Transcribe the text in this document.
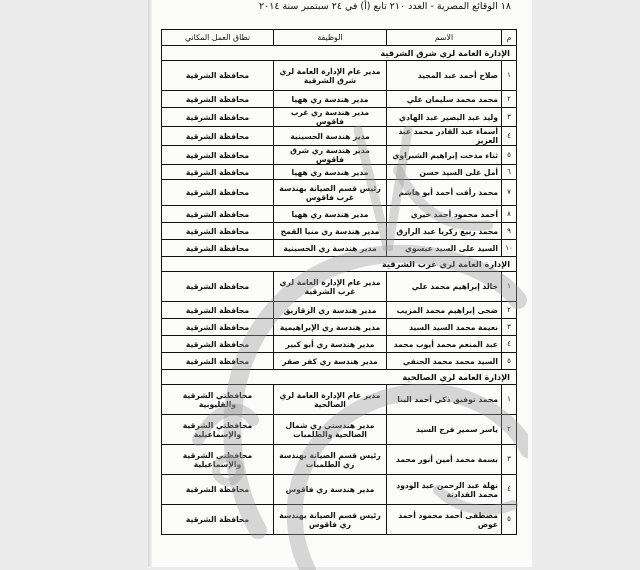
١٨ الوقائع المصرية - العدد ٢١٠ تابع (أ) في ٢٤ سبتمبر سنة ٢٠١٤
م	الاسم	الوظيفة	نطاق العمل المكاني
الإدارة العامة لري شرق الشرقية			
١	صلاح أحمد عبد المجيد	مدير عام الإدارة العامة لري شرق الشرقية	محافظة الشرقية
٢	محمد محمد سليمان علي	مدير هندسة ري ههيا	محافظة الشرقية
٣	وليد عبد البصير عبد الهادي	مدير هندسة ري غرب فاقوس	محافظة الشرقية
٤	أسماء عبد القادر محمد عبد العزيز	مدير هندسة الحسينية	محافظة الشرقية
٥	ثناء مدحت إبراهيم الشبراوي	مدير هندسة ري شرق فاقوس	محافظة الشرقية
٦	أمل على السيد حسن	مدير هندسة ري ههيا	محافظة الشرقية
٧	محمد رأفت أحمد أبو هاشم	رئيس قسم الصيانة بهندسة غرب فاقوس	محافظة الشرقية
٨	أحمد محمود أحمد خيري	مدير هندسة ري ههيا	محافظة الشرقية
٩	محمد ربيع زكريا عبد الرازق	مدير هندسة ري منيا القمح	محافظة الشرقية
١٠	السيد على السيد عيسوي	مدير هندسة ري الحسينية	محافظة الشرقية
الإدارة العامة لري غرب الشرقية			
١	خالد إبراهيم محمد علي	مدير عام الإدارة العامة لري غرب الشرقية	محافظة الشرقية
٢	ضحى إبراهيم محمد المزيب	مدير هندسة ري الزقازيق	محافظة الشرقية
٣	نعيمة محمد السيد السيد	مدير هندسة ري الإبراهيمية	محافظة الشرقية
٤	عبد المنعم محمد أيوب محمد	مدير هندسة ري أبو كبير	محافظة الشرقية
٥	السيد محمد محمد الحنفي	مدير هندسة ري كفر صقر	محافظة الشرقية
الإدارة العامة لري الصالحية			
١	محمد توفيق ذكي أحمد البنا	مدير عام الإدارة العامة لري الصالحية	محافظتي الشرقية والقليوبية
٢	ياسر سمير فرج السيد	مدير هندستي ري شمال الصالحية والطلمبات	محافظتي الشرقية والإسماعيلية
٣	بسمة محمد أمين أنور محمد	رئيس قسم الصيانة بهندسة ري الطلمبات	محافظتي الشرقية والإسماعيلية
٤	نهلة عبد الرحمن عبد الودود محمد القدادتة	مدير هندسة ري فاقوس	محافظة الشرقية
٥	مصطفى أحمد محمود أحمد عوض	رئيس قسم الصيانة بهندسة ري فاقوس	محافظة الشرقية
